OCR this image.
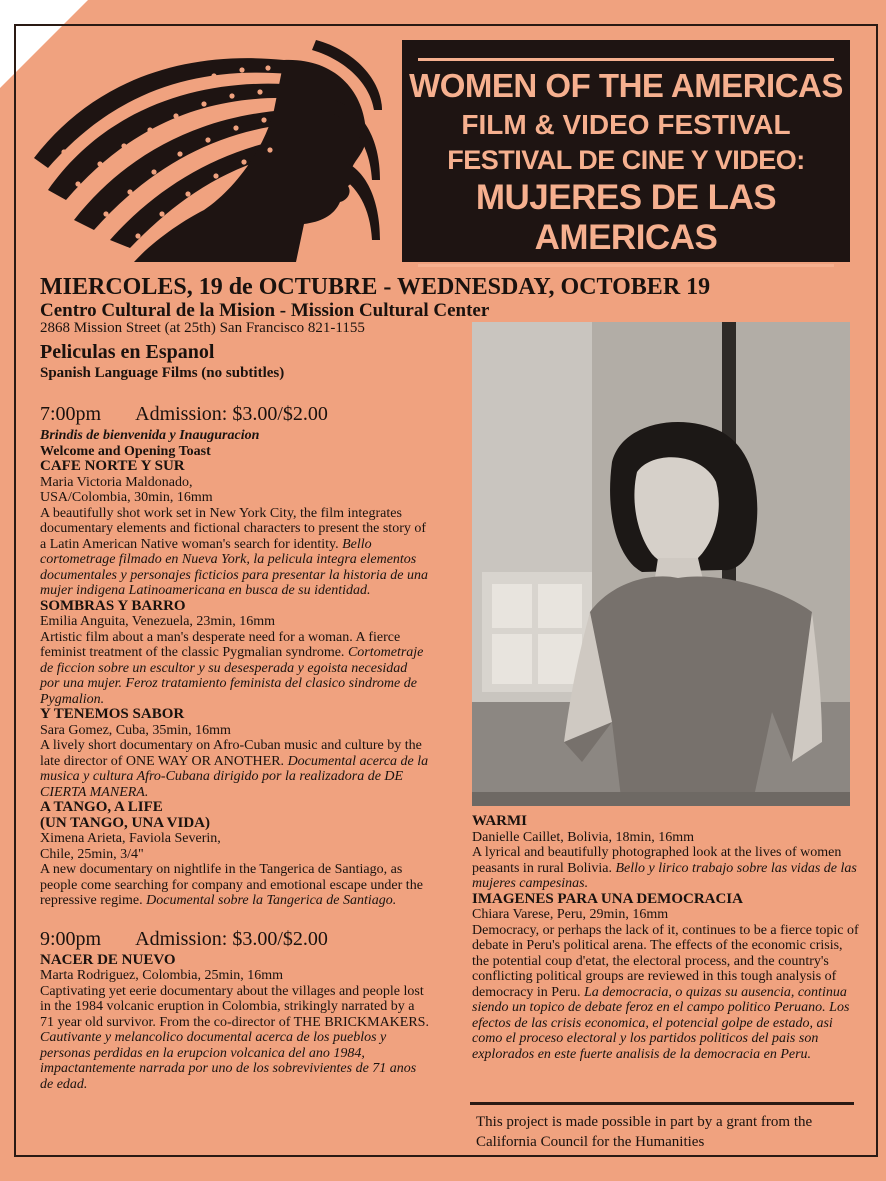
WOMEN OF THE AMERICAS
FILM & VIDEO FESTIVAL
FESTIVAL DE CINE Y VIDEO:
MUJERES DE LAS AMERICAS
MIERCOLES, 19 de OCTUBRE - WEDNESDAY, OCTOBER 19
Centro Cultural de la Mision - Mission Cultural Center
2868 Mission Street (at 25th) San Francisco 821-1155
Peliculas en Espanol
Spanish Language Films (no subtitles)
7:00pm Admission: $3.00/$2.00
Brindis de bienvenida y Inauguracion
Welcome and Opening Toast
CAFE NORTE Y SUR
Maria Victoria Maldonado,
USA/Colombia, 30min, 16mm
A beautifully shot work set in New York City, the film integrates documentary elements and fictional characters to present the story of a Latin American Native woman's search for identity. Bello cortometrage filmado en Nueva York, la pelicula integra elementos documentales y personajes ficticios para presentar la historia de una mujer indigena Latinoamericana en busca de su identidad.
SOMBRAS Y BARRO
Emilia Anguita, Venezuela, 23min, 16mm
Artistic film about a man's desperate need for a woman. A fierce feminist treatment of the classic Pygmalian syndrome. Cortometraje de ficcion sobre un escultor y su desesperada y egoista necesidad por una mujer. Feroz tratamiento feminista del clasico sindrome de Pygmalion.
Y TENEMOS SABOR
Sara Gomez, Cuba, 35min, 16mm
A lively short documentary on Afro-Cuban music and culture by the late director of ONE WAY OR ANOTHER. Documental acerca de la musica y cultura Afro-Cubana dirigido por la realizadora de DE CIERTA MANERA.
A TANGO, A LIFE
(UN TANGO, UNA VIDA)
Ximena Arieta, Faviola Severin,
Chile, 25min, 3/4"
A new documentary on nightlife in the Tangerica de Santiago, as people come searching for company and emotional escape under the repressive regime. Documental sobre la Tangerica de Santiago.
9:00pm Admission: $3.00/$2.00
NACER DE NUEVO
Marta Rodriguez, Colombia, 25min, 16mm
Captivating yet eerie documentary about the villages and people lost in the 1984 volcanic eruption in Colombia, strikingly narrated by a 71 year old survivor. From the co-director of THE BRICKMAKERS. Cautivante y melancolico documental acerca de los pueblos y personas perdidas en la erupcion volcanica del ano 1984, impactantemente narrada por uno de los sobrevivientes de 71 anos de edad.
WARMI
Danielle Caillet, Bolivia, 18min, 16mm
A lyrical and beautifully photographed look at the lives of women peasants in rural Bolivia. Bello y lirico trabajo sobre las vidas de las mujeres campesinas.
IMAGENES PARA UNA DEMOCRACIA
Chiara Varese, Peru, 29min, 16mm
Democracy, or perhaps the lack of it, continues to be a fierce topic of debate in Peru's political arena. The effects of the economic crisis, the potential coup d'etat, the electoral process, and the country's conflicting political groups are reviewed in this tough analysis of democracy in Peru. La democracia, o quizas su ausencia, continua siendo un topico de debate feroz en el campo politico Peruano. Los efectos de las crisis economica, el potencial golpe de estado, asi como el proceso electoral y los partidos politicos del pais son explorados en este fuerte analisis de la democracia en Peru.
This project is made possible in part by a grant from the California Council for the Humanities
